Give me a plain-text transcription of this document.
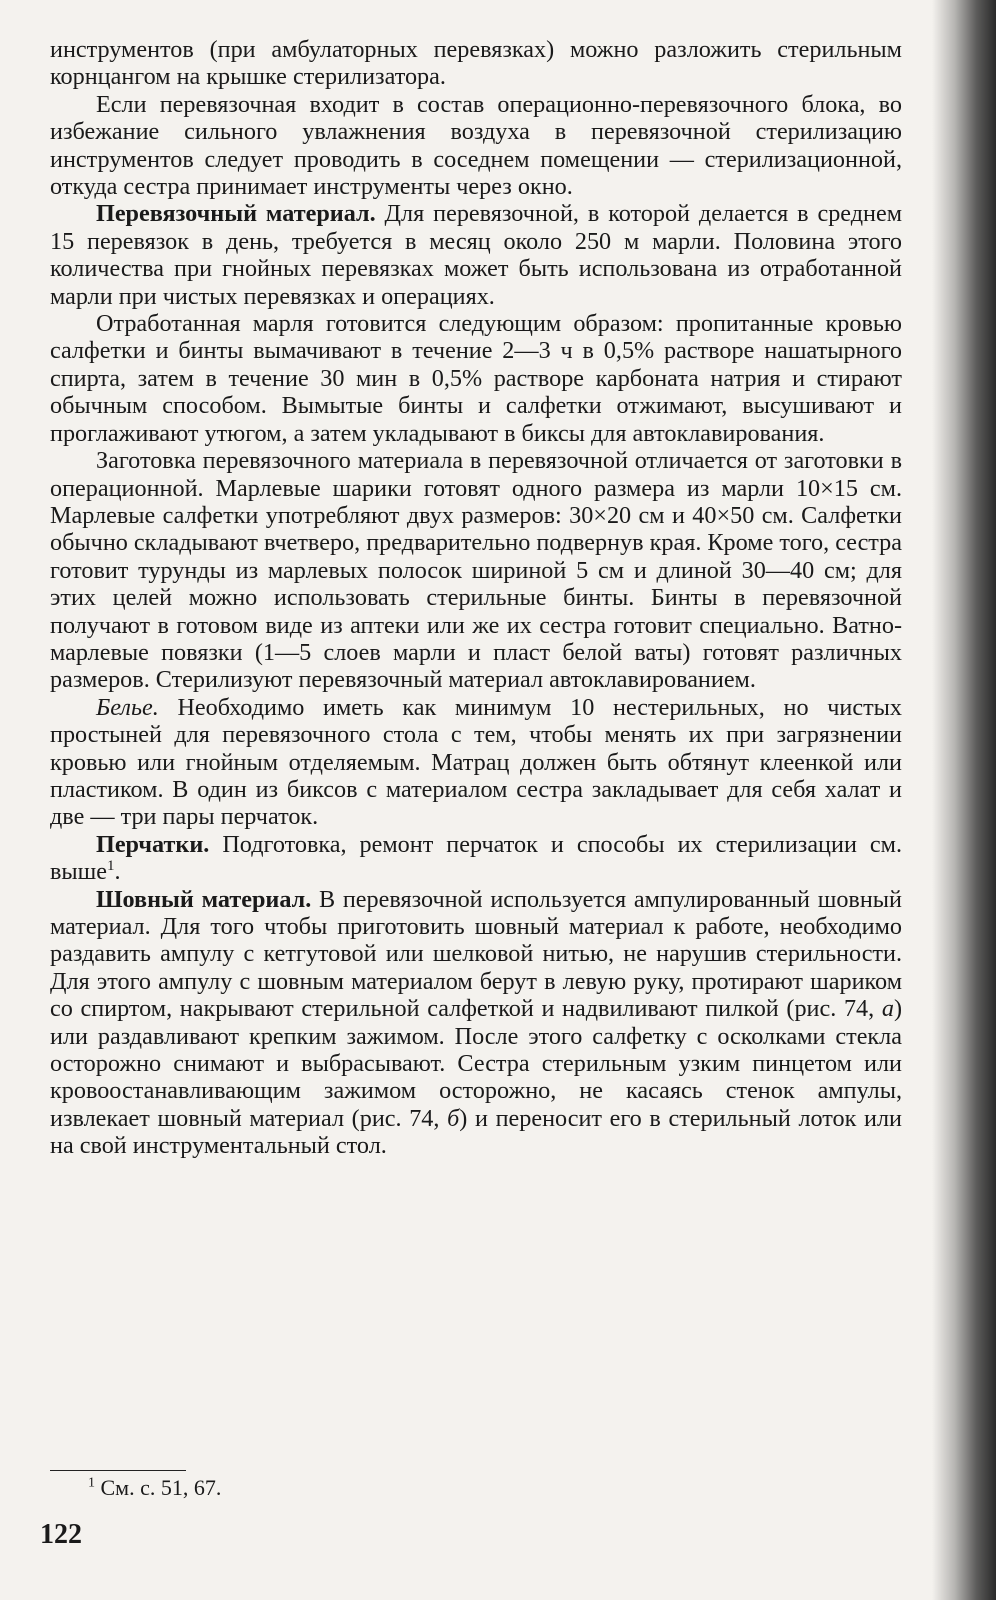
инструментов (при амбулаторных перевязках) можно разложить стерильным корнцангом на крышке стерилизатора.

Если перевязочная входит в состав операционно-перевязочного блока, во избежание сильного увлажнения воздуха в перевязочной стерилизацию инструментов следует проводить в соседнем помещении — стерилизационной, откуда сестра принимает инструменты через окно.

Перевязочный материал. Для перевязочной, в которой делается в среднем 15 перевязок в день, требуется в месяц около 250 м марли. Половина этого количества при гнойных перевязках может быть использована из отработанной марли при чистых перевязках и операциях.

Отработанная марля готовится следующим образом: пропитанные кровью салфетки и бинты вымачивают в течение 2—3 ч в 0,5% растворе нашатырного спирта, затем в течение 30 мин в 0,5% растворе карбоната натрия и стирают обычным способом. Вымытые бинты и салфетки отжимают, высушивают и проглаживают утюгом, а затем укладывают в биксы для автоклавирования.

Заготовка перевязочного материала в перевязочной отличается от заготовки в операционной. Марлевые шарики готовят одного размера из марли 10×15 см. Марлевые салфетки употребляют двух размеров: 30×20 см и 40×50 см. Салфетки обычно складывают вчетверо, предварительно подвернув края. Кроме того, сестра готовит турунды из марлевых полосок шириной 5 см и длиной 30—40 см; для этих целей можно использовать стерильные бинты. Бинты в перевязочной получают в готовом виде из аптеки или же их сестра готовит специально. Ватно-марлевые повязки (1—5 слоев марли и пласт белой ваты) готовят различных размеров. Стерилизуют перевязочный материал автоклавированием.

Белье. Необходимо иметь как минимум 10 нестерильных, но чистых простыней для перевязочного стола с тем, чтобы менять их при загрязнении кровью или гнойным отделяемым. Матрац должен быть обтянут клеенкой или пластиком. В один из биксов с материалом сестра закладывает для себя халат и две — три пары перчаток.

Перчатки. Подготовка, ремонт перчаток и способы их стерилизации см. выше$^1$.

Шовный материал. В перевязочной используется ампулированный шовный материал. Для того чтобы приготовить шовный материал к работе, необходимо раздавить ампулу с кетгутовой или шелковой нитью, не нарушив стерильности. Для этого ампулу с шовным материалом берут в левую руку, протирают шариком со спиртом, накрывают стерильной салфеткой и надвиливают пилкой (рис. 74, а) или раздавливают крепким зажимом. После этого салфетку с осколками стекла осторожно снимают и выбрасывают. Сестра стерильным узким пинцетом или кровоостанавливающим зажимом осторожно, не касаясь стенок ампулы, извлекает шовный материал (рис. 74, б) и переносит его в стерильный лоток или на свой инструментальный стол.

$^1$ См. с. 51, 67.
122
